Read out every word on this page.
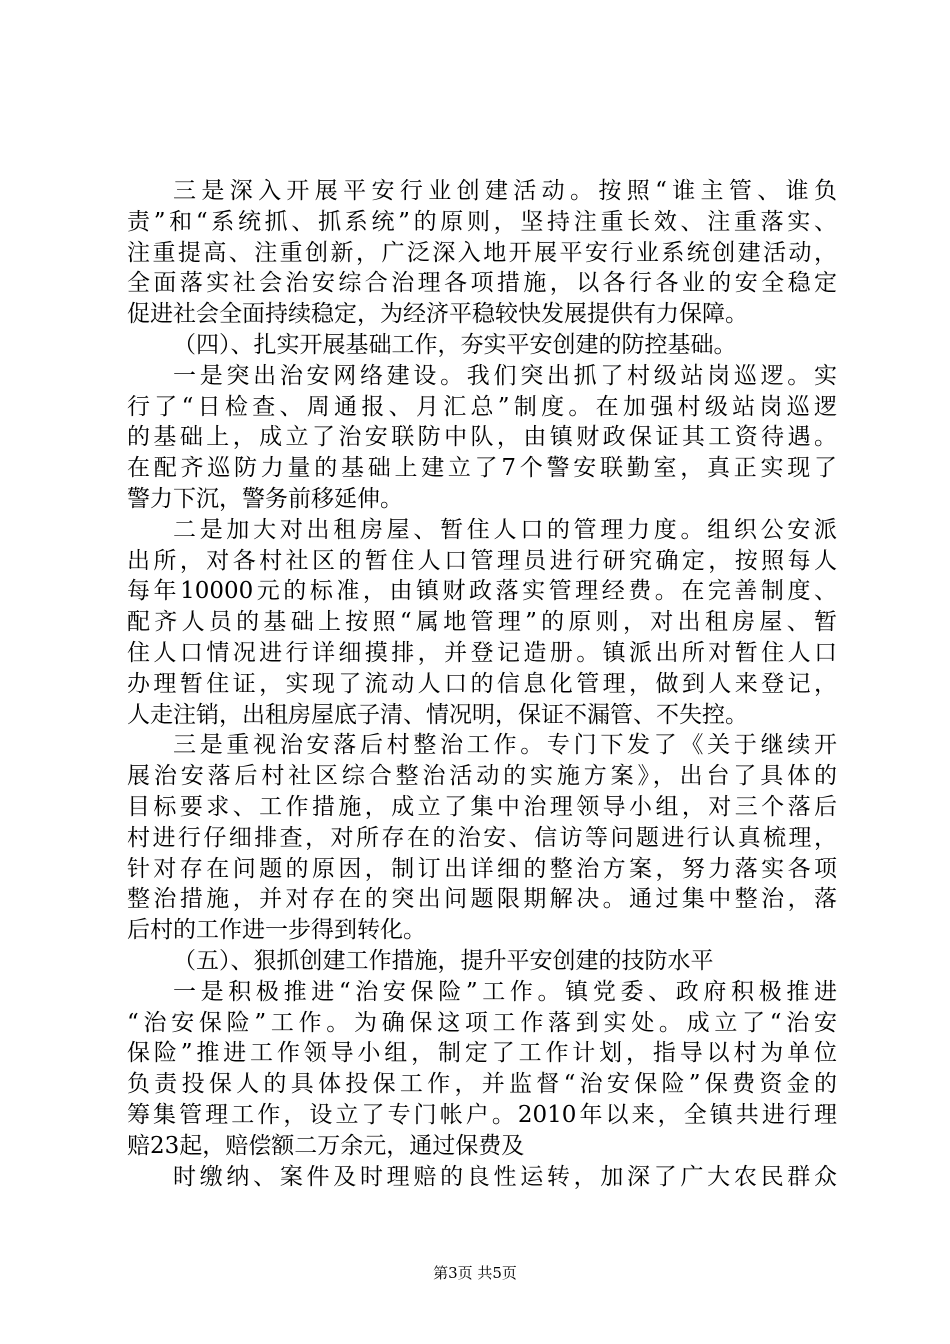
三是深入开展平安行业创建活动。按照“谁主管、谁负
责”和“系统抓、抓系统”的原则，坚持注重长效、注重落实、
注重提高、注重创新，广泛深入地开展平安行业系统创建活动，
全面落实社会治安综合治理各项措施，以各行各业的安全稳定
促进社会全面持续稳定，为经济平稳较快发展提供有力保障。
（四）、扎实开展基础工作，夯实平安创建的防控基础。
一是突出治安网络建设。我们突出抓了村级站岗巡逻。实
行了“日检查、周通报、月汇总”制度。在加强村级站岗巡逻
的基础上，成立了治安联防中队，由镇财政保证其工资待遇。
在配齐巡防力量的基础上建立了7个警安联勤室，真正实现了
警力下沉，警务前移延伸。
二是加大对出租房屋、暂住人口的管理力度。组织公安派
出所，对各村社区的暂住人口管理员进行研究确定，按照每人
每年10000元的标准，由镇财政落实管理经费。在完善制度、
配齐人员的基础上按照“属地管理”的原则，对出租房屋、暂
住人口情况进行详细摸排，并登记造册。镇派出所对暂住人口
办理暂住证，实现了流动人口的信息化管理，做到人来登记，
人走注销，出租房屋底子清、情况明，保证不漏管、不失控。
三是重视治安落后村整治工作。专门下发了《关于继续开
展治安落后村社区综合整治活动的实施方案》，出台了具体的
目标要求、工作措施，成立了集中治理领导小组，对三个落后
村进行仔细排查，对所存在的治安、信访等问题进行认真梳理，
针对存在问题的原因，制订出详细的整治方案，努力落实各项
整治措施，并对存在的突出问题限期解决。通过集中整治，落
后村的工作进一步得到转化。
（五）、狠抓创建工作措施，提升平安创建的技防水平
一是积极推进“治安保险”工作。镇党委、政府积极推进
“治安保险”工作。为确保这项工作落到实处。成立了“治安
保险”推进工作领导小组，制定了工作计划，指导以村为单位
负责投保人的具体投保工作，并监督“治安保险”保费资金的
筹集管理工作，设立了专门帐户。2010年以来，全镇共进行理
赔23起，赔偿额二万余元，通过保费及
时缴纳、案件及时理赔的良性运转，加深了广大农民群众
第3页 共5页
